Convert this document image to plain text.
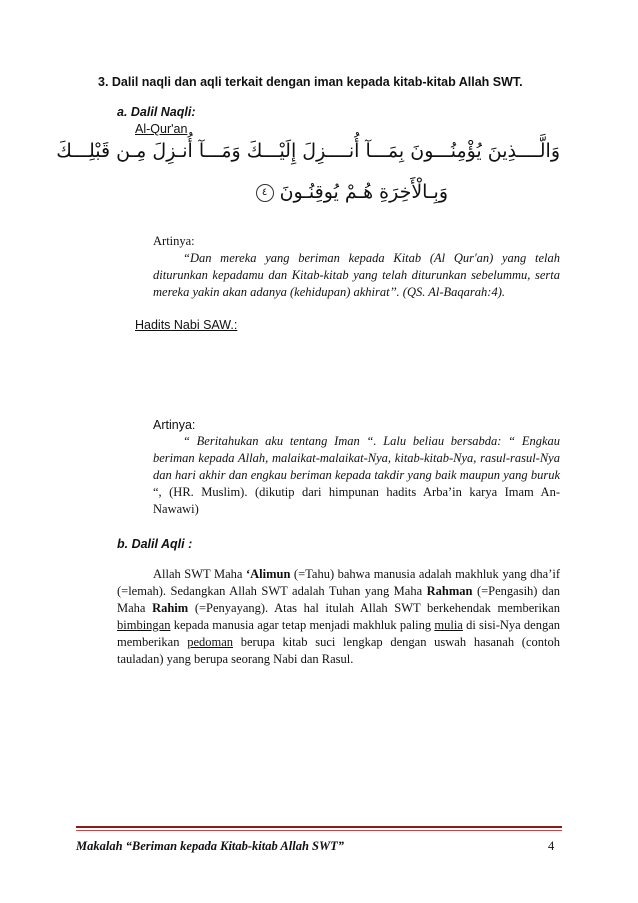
3. Dalil naqli dan aqli terkait dengan iman kepada kitab-kitab Allah SWT.
a. Dalil Naqli:
Al-Qur'an
وَالَّــــذِينَ يُؤْمِنُـــونَ بِمَـــآ أُنــــزِلَ إِلَيْـــكَ وَمَـــآ أُنـزِلَ مِـن قَبْلِـــكَ
وَبِـالْأَخِرَةِ هُـمْ يُوقِنُـونَ ٤
Artinya:
“Dan mereka yang beriman kepada Kitab (Al Qur'an) yang telah diturunkan kepadamu dan Kitab-kitab yang telah diturunkan sebelummu, serta mereka yakin akan adanya (kehidupan) akhirat’’. (QS. Al-Baqarah:4).
Hadits Nabi SAW.:
Artinya:
“ Beritahukan aku tentang Iman “. Lalu beliau bersabda: “ Engkau beriman kepada Allah, malaikat-malaikat-Nya, kitab-kitab-Nya, rasul-rasul-Nya dan hari akhir dan engkau beriman kepada takdir yang baik maupun yang buruk “, (HR. Muslim). (dikutip dari himpunan hadits Arba’in karya Imam An-Nawawi)
b. Dalil Aqli :
Allah SWT Maha ‘Alimun (=Tahu) bahwa manusia adalah makhluk yang dha’if (=lemah). Sedangkan Allah SWT adalah Tuhan yang Maha Rahman (=Pengasih) dan Maha Rahim (=Penyayang). Atas hal itulah Allah SWT berkehendak memberikan bimbingan kepada manusia agar tetap menjadi makhluk paling mulia di sisi-Nya dengan memberikan pedoman berupa kitab suci lengkap dengan uswah hasanah (contoh tauladan) yang berupa seorang Nabi dan Rasul.
Makalah “Beriman kepada Kitab-kitab Allah SWT”	4
